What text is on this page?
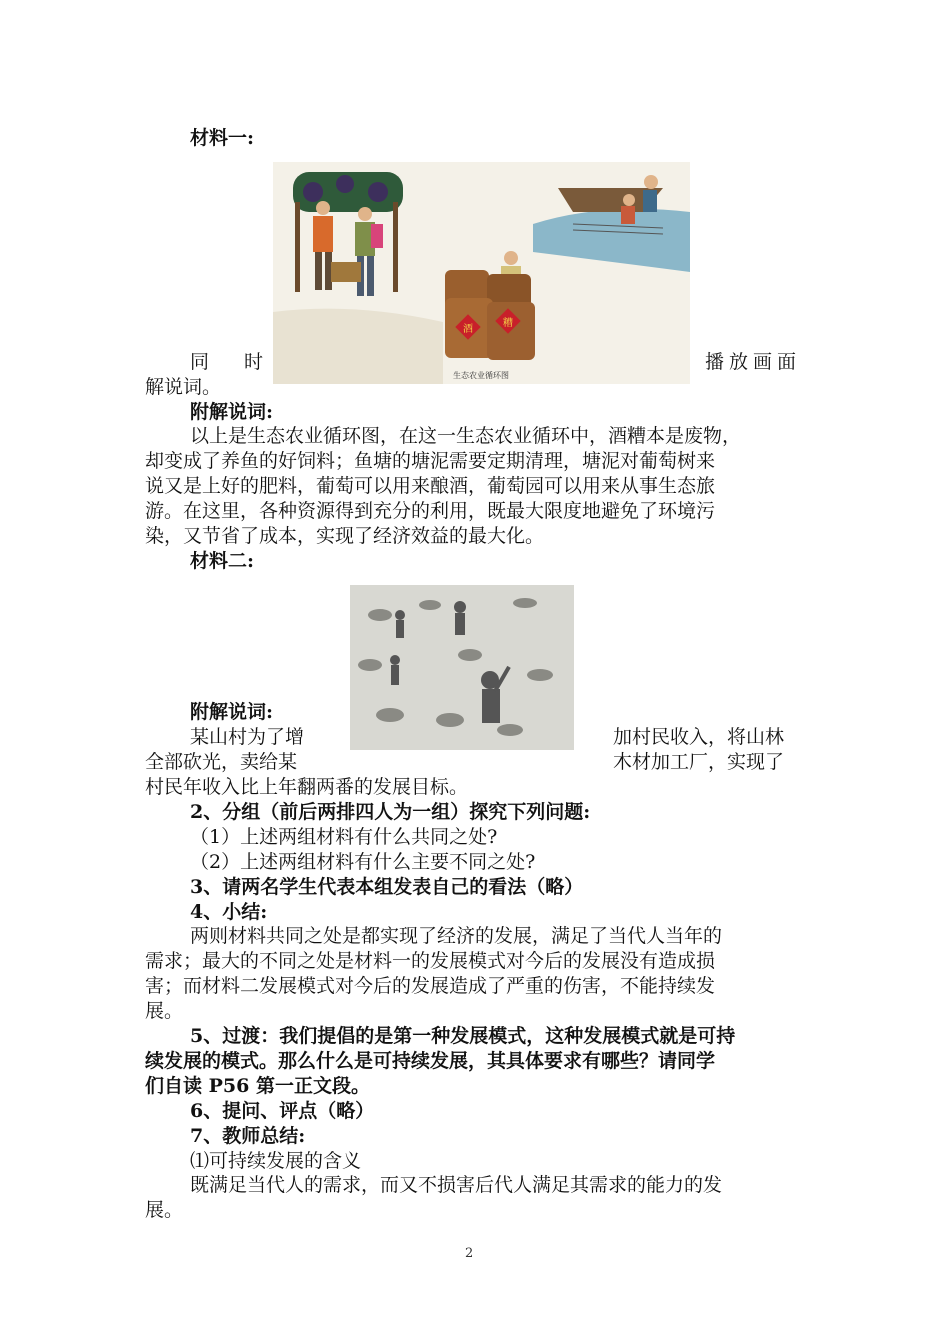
材料一:
酒
糟
生态农业循环图
同　时	播放画面
解说词。
附解说词:
以上是生态农业循环图，在这一生态农业循环中，酒糟本是废物，
却变成了养鱼的好饲料；鱼塘的塘泥需要定期清理，塘泥对葡萄树来
说又是上好的肥料，葡萄可以用来酿酒，葡萄园可以用来从事生态旅
游。在这里，各种资源得到充分的利用，既最大限度地避免了环境污
染，又节省了成本，实现了经济效益的最大化。
材料二:
附解说词:
某山村为了增	加村民收入，将山林
全部砍光，卖给某	木材加工厂，实现了
村民年收入比上年翻两番的发展目标。
2、分组（前后两排四人为一组）探究下列问题:
（1）上述两组材料有什么共同之处?
（2）上述两组材料有什么主要不同之处?
3、请两名学生代表本组发表自己的看法（略）
4、小结:
两则材料共同之处是都实现了经济的发展，满足了当代人当年的
需求；最大的不同之处是材料一的发展模式对今后的发展没有造成损
害；而材料二发展模式对今后的发展造成了严重的伤害，不能持续发
展。
5、过渡：我们提倡的是第一种发展模式，这种发展模式就是可持
续发展的模式。那么什么是可持续发展，其具体要求有哪些？请同学
们自读 P56 第一正文段。
6、提问、评点（略）
7、教师总结:
⑴可持续发展的含义
既满足当代人的需求，而又不损害后代人满足其需求的能力的发
展。
2
